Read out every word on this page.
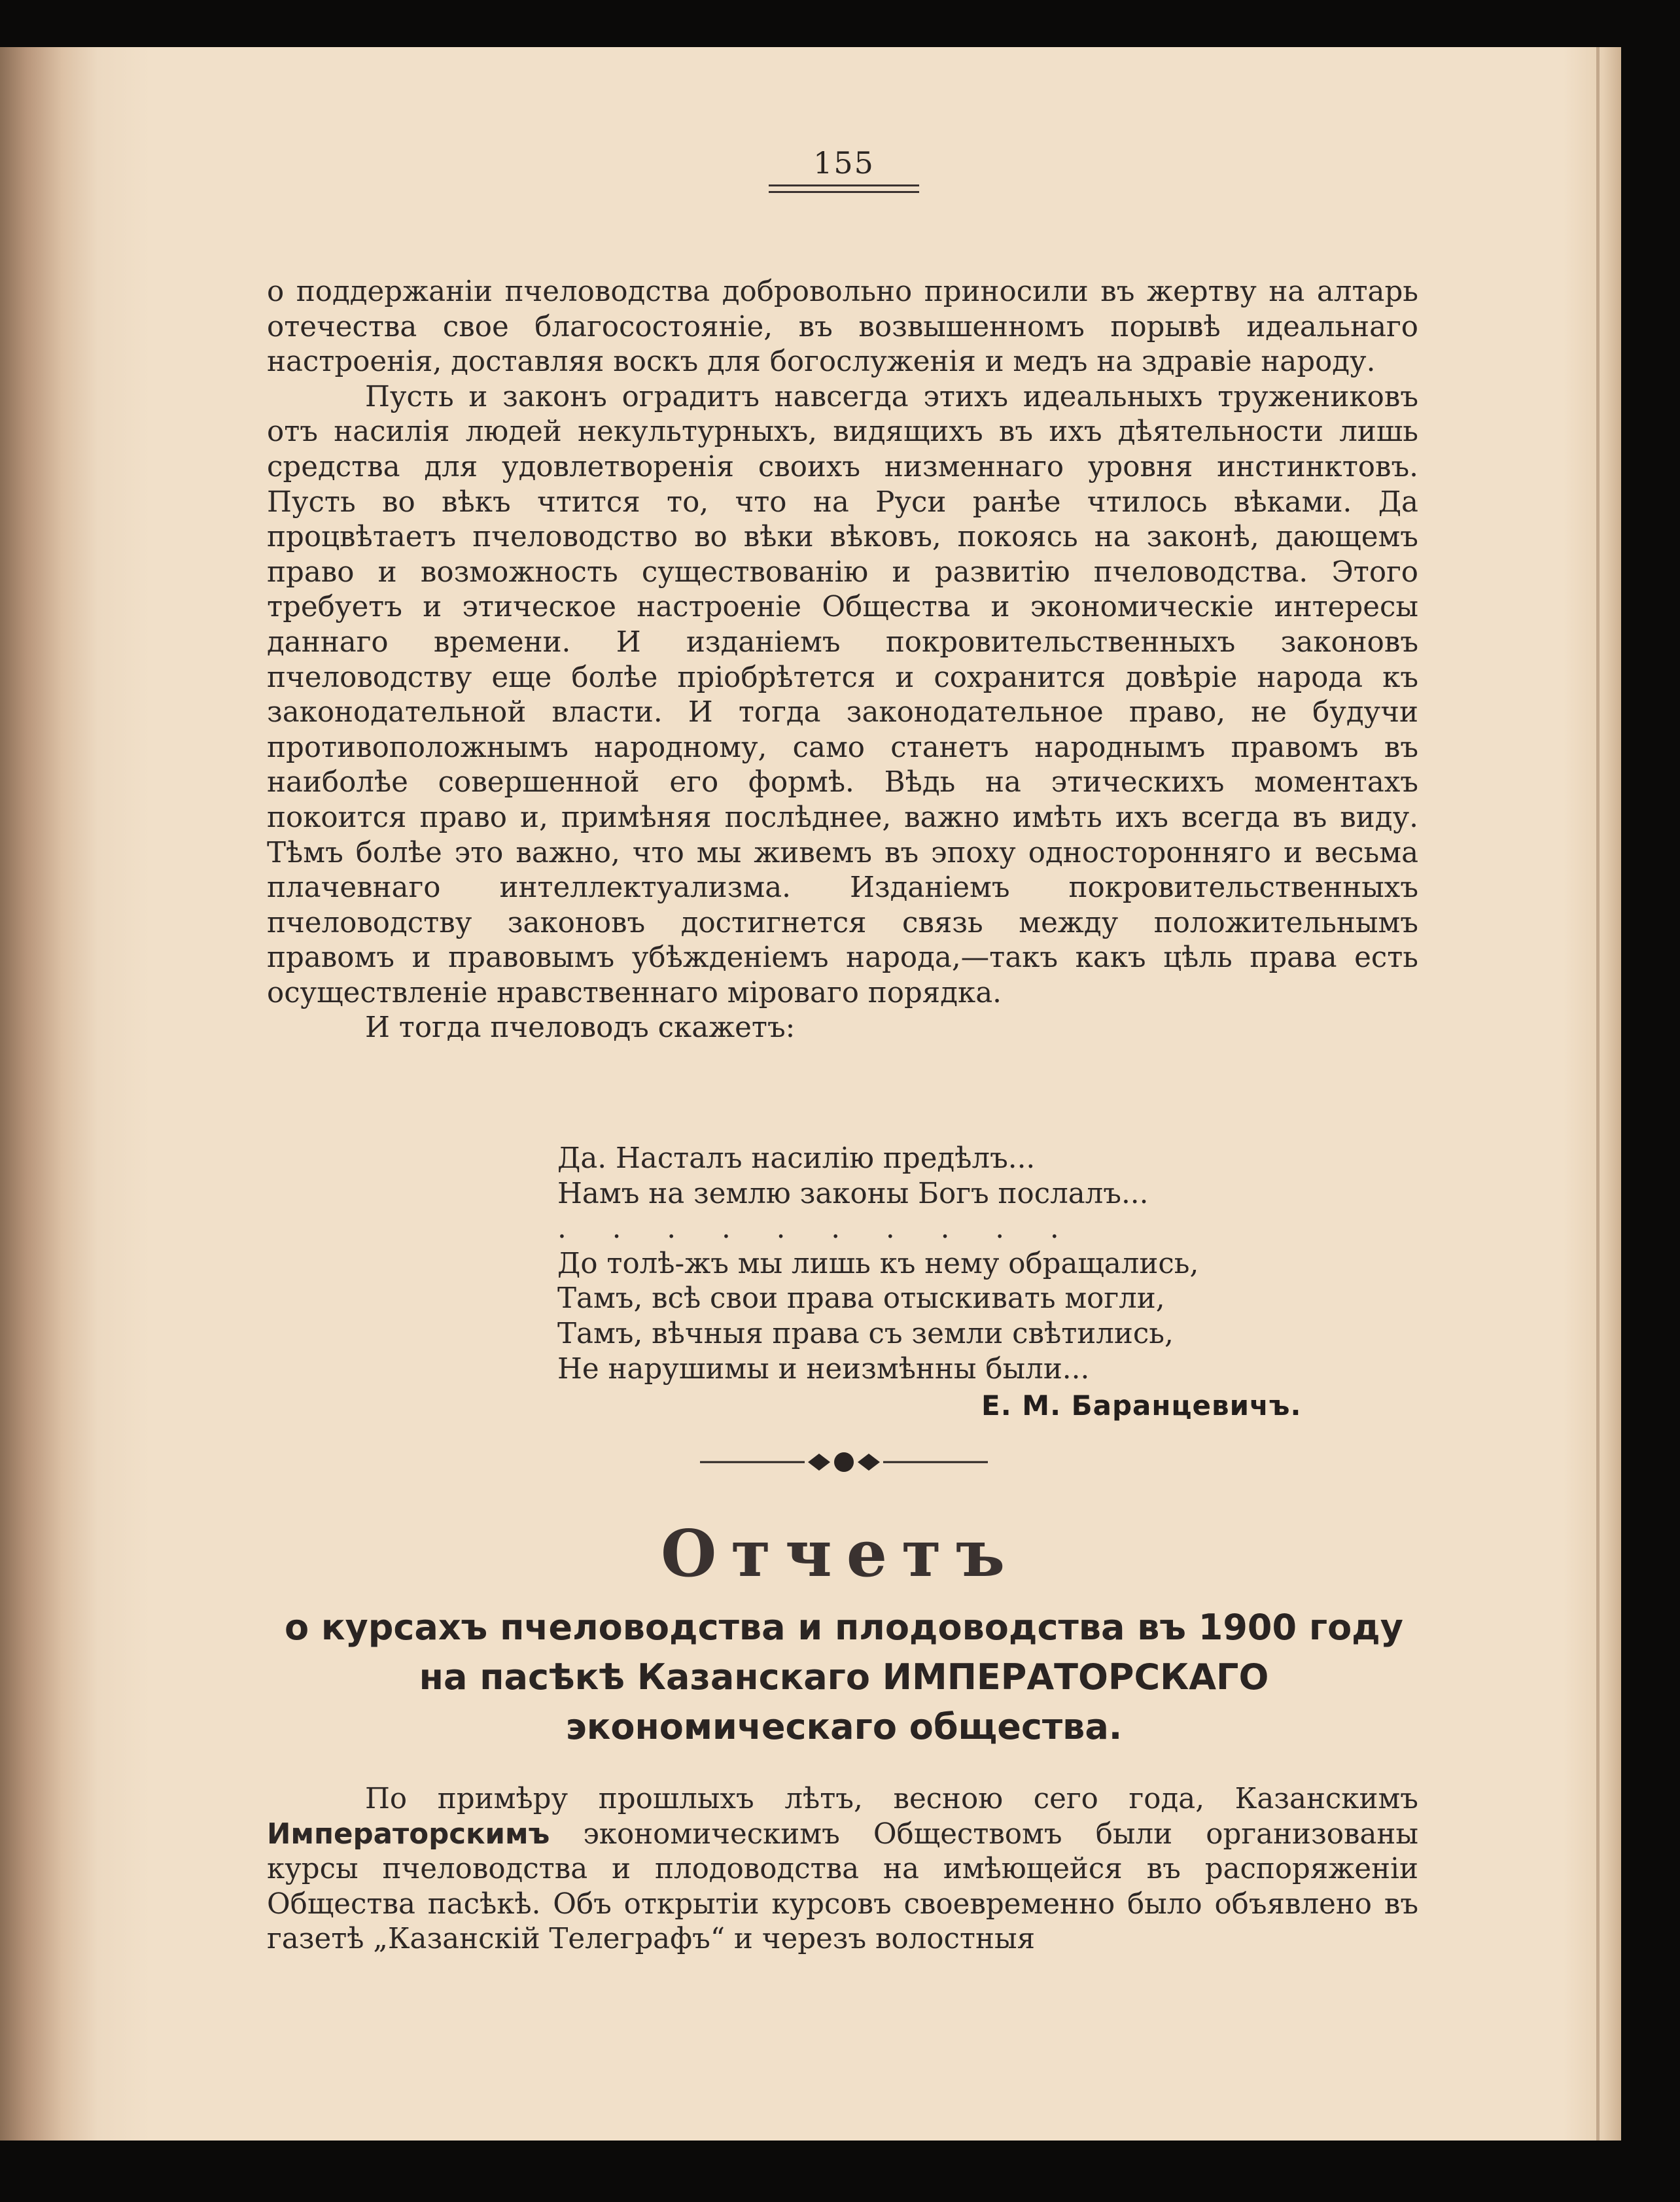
155

о поддержаніи пчеловодства добровольно приносили въ жертву на алтарь отечества свое благосостояніе, въ возвышенномъ порывѣ идеальнаго настроенія, доставляя воскъ для богослуженія и медъ на здравіе народу.

Пусть и законъ оградитъ навсегда этихъ идеальныхъ тружениковъ отъ насилія людей некультурныхъ, видящихъ въ ихъ дѣятельности лишь средства для удовлетворенія своихъ низменнаго уровня инстинктовъ. Пусть во вѣкъ чтится то, что на Руси ранѣе чтилось вѣками. Да процвѣтаетъ пчеловодство во вѣки вѣковъ, покоясь на законѣ, дающемъ право и возможность существованію и развитію пчеловодства. Этого требуетъ и этическое настроеніе Общества и экономическіе интересы даннаго времени. И изданіемъ покровительственныхъ законовъ пчеловодству еще болѣе пріобрѣтется и сохранится довѣріе народа къ законодательной власти. И тогда законодательное право, не будучи противоположнымъ народному, само станетъ народнымъ правомъ въ наиболѣе совершенной его формѣ. Вѣдь на этическихъ моментахъ покоится право и, примѣняя послѣднее, важно имѣть ихъ всегда въ виду. Тѣмъ болѣе это важно, что мы живемъ въ эпоху односторонняго и весьма плачевнаго интеллектуализма. Изданіемъ покровительственныхъ пчеловодству законовъ достигнется связь между положительнымъ правомъ и правовымъ убѣжденіемъ народа,—такъ какъ цѣль права есть осуществленіе нравственнаго міроваго порядка.

И тогда пчеловодъ скажетъ:

Да. Насталъ насилію предѣлъ...
Намъ на землю законы Богъ послалъ...
. . . . . . . . . .
До толѣ-жъ мы лишь къ нему обращались,
Тамъ, всѣ свои права отыскивать могли,
Тамъ, вѣчныя права съ земли свѣтились,
Не нарушимы и неизмѣнны были...
Е. М. Баранцевичъ.
Отчетъ
о курсахъ пчеловодства и плодоводства въ 1900 году на пасѣкѣ Казанскаго ИМПЕРАТОРСКАГО экономическаго общества.

По примѣру прошлыхъ лѣтъ, весною сего года, Казанскимъ Императорскимъ экономическимъ Обществомъ были организованы курсы пчеловодства и плодоводства на имѣющейся въ распоряженіи Общества пасѣкѣ. Объ открытіи курсовъ своевременно было объявлено въ газетѣ „Казанскій Телеграфъ“ и черезъ волостныя
